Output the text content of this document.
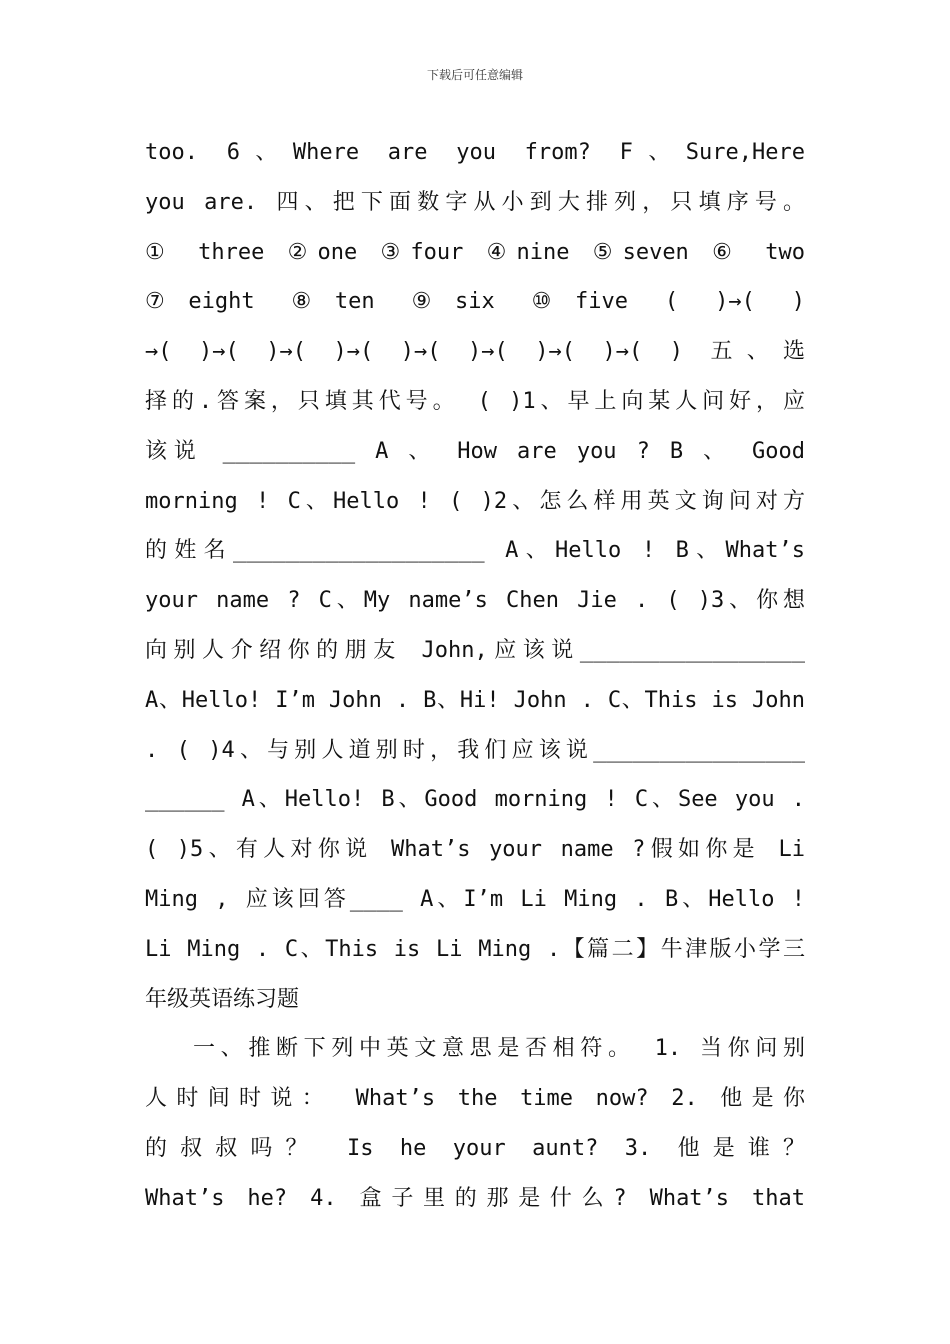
下载后可任意编辑
too. 6、Where are you from? F、Sure,Here
you are. 四、把下面数字从小到大排列，只填序号。
① three ②one ③four ④nine ⑤seven ⑥ two
⑦eight ⑧ten ⑨six ⑩five ( )→( )
→( )→( )→( )→( )→( )→( )→( )→( ) 五、选
择的.答案，只填其代号。 ( )1、早上向某人问好，应
该说 __________ A 、 How are you ? B 、 Good
morning ! C、Hello ! ( )2、怎么样用英文询问对方
的姓名___________________ A、Hello ! B、What’s
your name ? C、My name’s Chen Jie . ( )3、你想
向别人介绍你的朋友 John,应该说_________________
A、Hello! I’m John . B、Hi! John . C、This is John
. ( )4、与别人道别时，我们应该说________________
______ A、Hello! B、Good morning ! C、See you .
( )5、有人对你说 What’s your name ?假如你是 Li
Ming , 应该回答____ A、I’m Li Ming . B、Hello !
Li Ming . C、This is Li Ming .【篇二】牛津版小学三
年级英语练习题
一、推断下列中英文意思是否相符。 1. 当你问别
人时间时说： What’s the time now? 2. 他是你
的叔叔吗？ Is he your aunt? 3. 他是谁？
What’s he? 4. 盒子里的那是什么? What’s that
